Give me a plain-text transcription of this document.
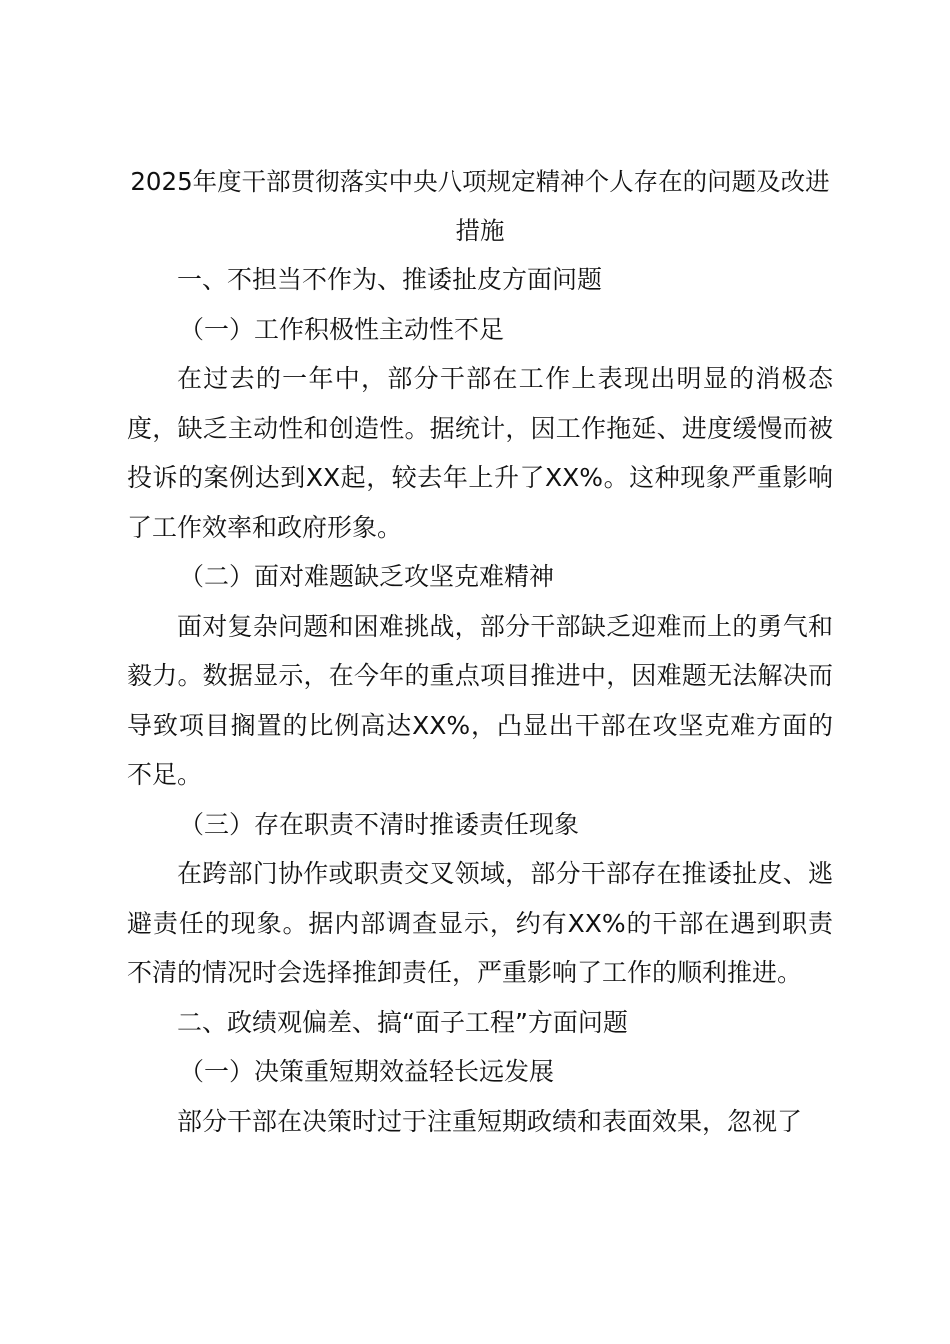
2025年度干部贯彻落实中央八项规定精神个人存在的问题及改进措施

一、不担当不作为、推诿扯皮方面问题

（一）工作积极性主动性不足

在过去的一年中，部分干部在工作上表现出明显的消极态度，缺乏主动性和创造性。据统计，因工作拖延、进度缓慢而被投诉的案例达到XX起，较去年上升了XX%。这种现象严重影响了工作效率和政府形象。

（二）面对难题缺乏攻坚克难精神

面对复杂问题和困难挑战，部分干部缺乏迎难而上的勇气和毅力。数据显示，在今年的重点项目推进中，因难题无法解决而导致项目搁置的比例高达XX%，凸显出干部在攻坚克难方面的不足。

（三）存在职责不清时推诿责任现象

在跨部门协作或职责交叉领域，部分干部存在推诿扯皮、逃避责任的现象。据内部调查显示，约有XX%的干部在遇到职责不清的情况时会选择推卸责任，严重影响了工作的顺利推进。

二、政绩观偏差、搞“面子工程”方面问题

（一）决策重短期效益轻长远发展

部分干部在决策时过于注重短期政绩和表面效果，忽视了
